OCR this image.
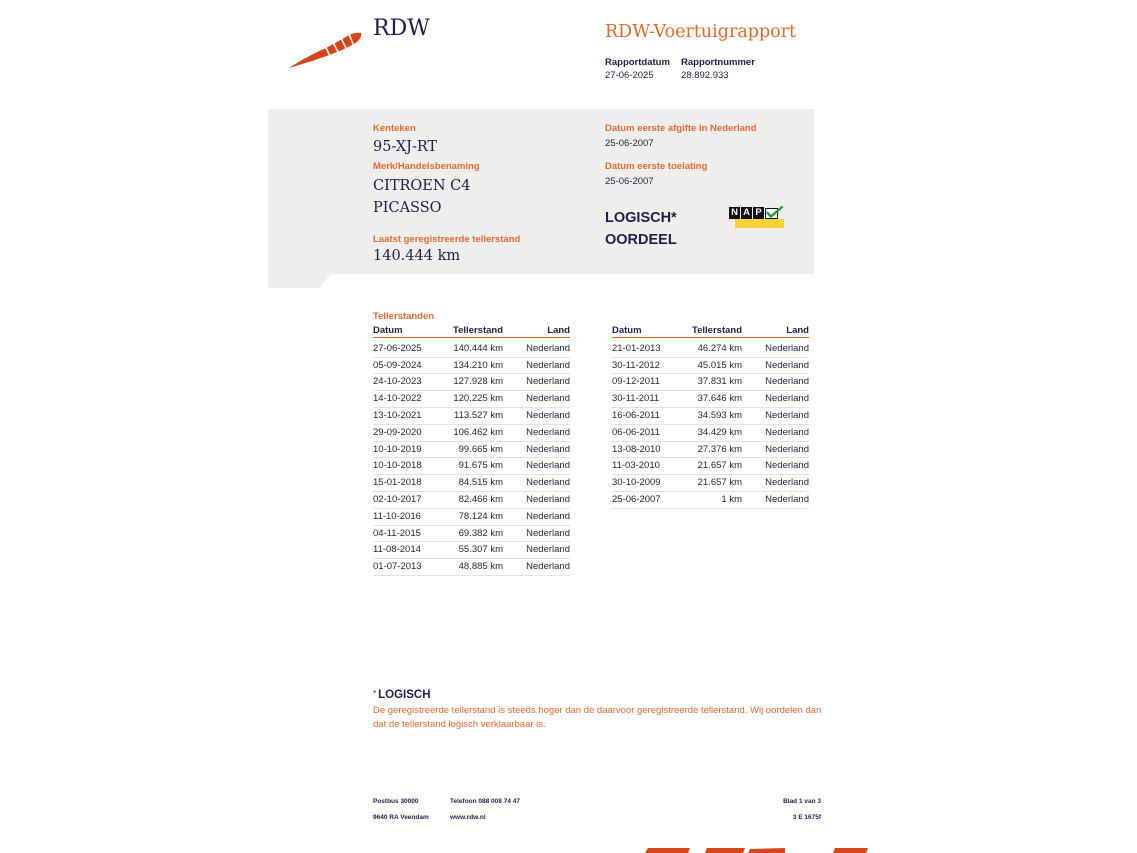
RDW	RDW-Voertuigrapport
Rapportdatum
27-06-2025
Rapportnummer
28.892.933
Kenteken
95-XJ-RT
Merk/Handelsbenaming
CITROEN C4 PICASSO
Laatst geregistreerde tellerstand
140.444 km
Datum eerste afgifte in Nederland
25-06-2007
Datum eerste toelating
25-06-2007
LOGISCH* OORDEEL
N A P
Tellerstanden
Datum	Tellerstand	Land
27-06-2025	140.444 km	Nederland
05-09-2024	134.210 km	Nederland
24-10-2023	127.928 km	Nederland
14-10-2022	120.225 km	Nederland
13-10-2021	113.527 km	Nederland
29-09-2020	106.462 km	Nederland
10-10-2019	99.665 km	Nederland
10-10-2018	91.675 km	Nederland
15-01-2018	84.515 km	Nederland
02-10-2017	82.466 km	Nederland
11-10-2016	78.124 km	Nederland
04-11-2015	69.382 km	Nederland
11-08-2014	55.307 km	Nederland
01-07-2013	48.885 km	Nederland
Datum	Tellerstand	Land
21-01-2013	46.274 km	Nederland
30-11-2012	45.015 km	Nederland
09-12-2011	37.831 km	Nederland
30-11-2011	37.646 km	Nederland
16-06-2011	34.593 km	Nederland
06-06-2011	34.429 km	Nederland
13-08-2010	27.376 km	Nederland
11-03-2010	21.657 km	Nederland
30-10-2009	21.657 km	Nederland
25-06-2007	1 km	Nederland
* LOGISCH
De geregistreerde tellerstand is steeds hoger dan de daarvoor geregistreerde tellerstand. Wij oordelen dan
dat de tellerstand logisch verklaarbaar is.
Postbus 30000
9640 RA Veendam
Telefoon 088 008 74 47
www.rdw.nl
Blad 1 van 3
3 E 1675f
